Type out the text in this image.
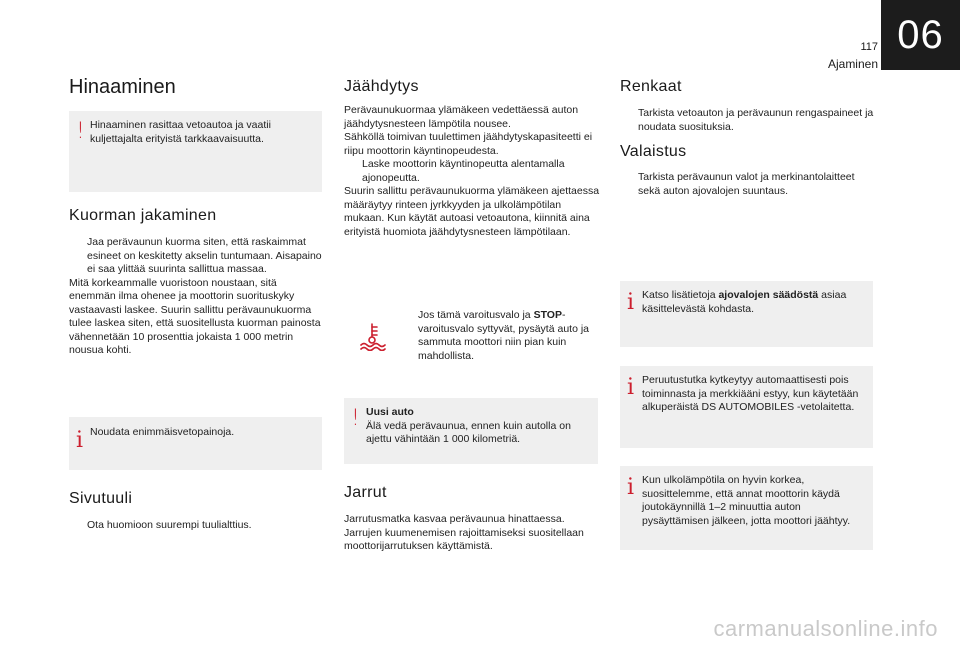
117
Ajaminen
06
Hinaaminen
! Hinaaminen rasittaa vetoautoa ja vaatii kuljettajalta erityistä tarkkaavaisuutta.
Kuorman jakaminen
Jaa perävaunun kuorma siten, että raskaimmat esineet on keskitetty akselin tuntumaan. Aisapaino ei saa ylittää suurinta sallittua massaa.
Mitä korkeammalle vuoristoon noustaan, sitä enemmän ilma ohenee ja moottorin suorituskyky vastaavasti laskee. Suurin sallittu perävaunukuorma tulee laskea siten, että suositellusta kuorman painosta vähennetään 10 prosenttia jokaista 1 000 metrin nousua kohti.
i Noudata enimmäisvetopainoja.
Sivutuuli
Ota huomioon suurempi tuulialttius.
Jäähdytys
Perävaunukuormaa ylämäkeen vedettäessä auton jäähdytysnesteen lämpötila nousee.
Sähköllä toimivan tuulettimen jäähdytyskapasiteetti ei riipu moottorin käyntinopeudesta.
Laske moottorin käyntinopeutta alentamalla ajonopeutta.
Suurin sallittu perävaunukuorma ylämäkeen ajettaessa määräytyy rinteen jyrkkyyden ja ulkolämpötilan mukaan. Kun käytät autoasi vetoautona, kiinnitä aina erityistä huomiota jäähdytysnesteen lämpötilaan.
Jos tämä varoitusvalo ja STOP-varoitusvalo syttyvät, pysäytä auto ja sammuta moottori niin pian kuin mahdollista.
! Uusi auto
Älä vedä perävaunua, ennen kuin autolla on ajettu vähintään 1 000 kilometriä.
Jarrut
Jarrutusmatka kasvaa perävaunua hinattaessa.
Jarrujen kuumenemisen rajoittamiseksi suositellaan moottorijarrutuksen käyttämistä.
Renkaat
Tarkista vetoauton ja perävaunun rengaspaineet ja noudata suosituksia.
Valaistus
Tarkista perävaunun valot ja merkinantolaitteet sekä auton ajovalojen suuntaus.
i Katso lisätietoja ajovalojen säädöstä asiaa käsittelevästä kohdasta.
i Peruutustutka kytkeytyy automaattisesti pois toiminnasta ja merkkiääni estyy, kun käytetään alkuperäistä DS AUTOMOBILES -vetolaitetta.
i Kun ulkolämpötila on hyvin korkea, suosittelemme, että annat moottorin käydä joutokäynnillä 1–2 minuuttia auton pysäyttämisen jälkeen, jotta moottori jäähtyy.
carmanualsonline.info
